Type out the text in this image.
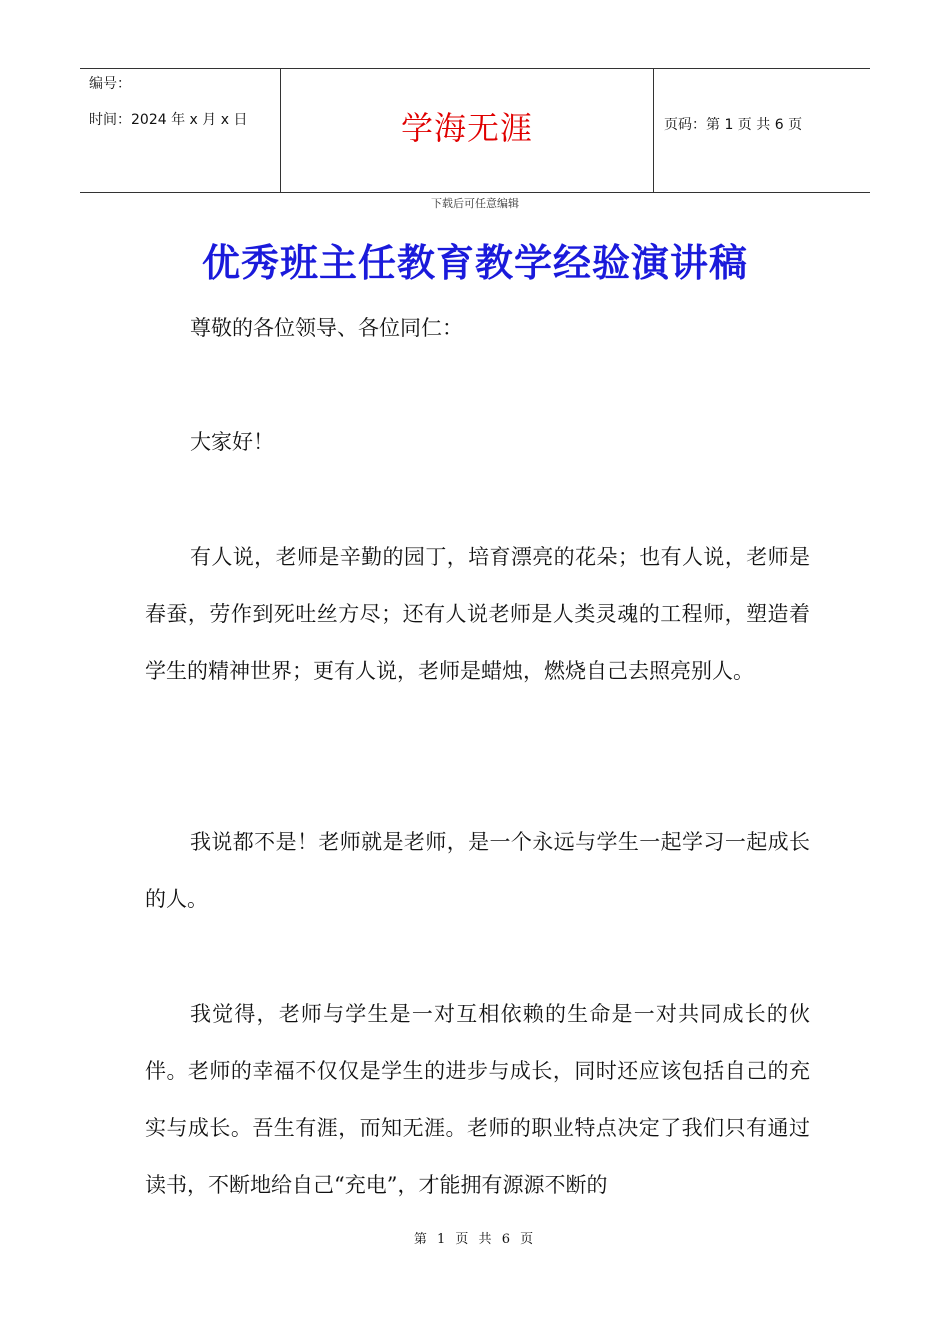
编号：
时间：2024 年 x 月 x 日	学海无涯	页码：第 1 页 共 6 页
下载后可任意编辑
优秀班主任教育教学经验演讲稿

尊敬的各位领导、各位同仁：

大家好！

有人说，老师是辛勤的园丁，培育漂亮的花朵；也有人说，老师是春蚕，劳作到死吐丝方尽；还有人说老师是人类灵魂的工程师，塑造着学生的精神世界；更有人说，老师是蜡烛，燃烧自己去照亮别人。

我说都不是！老师就是老师，是一个永远与学生一起学习一起成长的人。

我觉得，老师与学生是一对互相依赖的生命是一对共同成长的伙伴。老师的幸福不仅仅是学生的进步与成长，同时还应该包括自己的充实与成长。吾生有涯，而知无涯。老师的职业特点决定了我们只有通过读书，不断地给自己“充电”，才能拥有源源不断的

第 1 页 共 6 页
